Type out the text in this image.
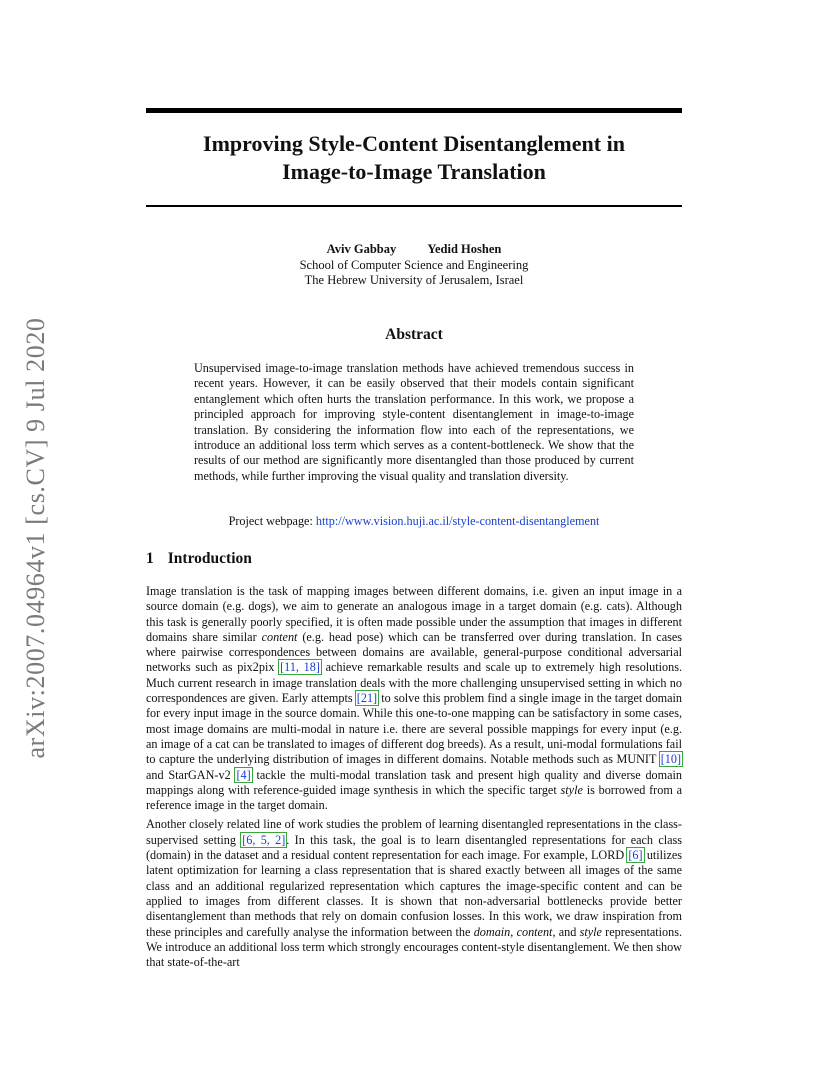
arXiv:2007.04964v1 [cs.CV] 9 Jul 2020
Improving Style-Content Disentanglement in
Image-to-Image Translation
Aviv Gabbay Yedid Hoshen
School of Computer Science and Engineering
The Hebrew University of Jerusalem, Israel
Abstract
Unsupervised image-to-image translation methods have achieved tremendous success in recent years. However, it can be easily observed that their models contain significant entanglement which often hurts the translation performance. In this work, we propose a principled approach for improving style-content disentanglement in image-to-image translation. By considering the information flow into each of the representations, we introduce an additional loss term which serves as a content-bottleneck. We show that the results of our method are significantly more disentangled than those produced by current methods, while further improving the visual quality and translation diversity.
Project webpage: http://www.vision.huji.ac.il/style-content-disentanglement
1 Introduction

Image translation is the task of mapping images between different domains, i.e. given an input image in a source domain (e.g. dogs), we aim to generate an analogous image in a target domain (e.g. cats). Although this task is generally poorly specified, it is often made possible under the assumption that images in different domains share similar content (e.g. head pose) which can be transferred over during translation. In cases where pairwise correspondences between domains are available, general-purpose conditional adversarial networks such as pix2pix [11, 18] achieve remarkable results and scale up to extremely high resolutions. Much current research in image translation deals with the more challenging unsupervised setting in which no correspondences are given. Early attempts [21] to solve this problem find a single image in the target domain for every input image in the source domain. While this one-to-one mapping can be satisfactory in some cases, most image domains are multi-modal in nature i.e. there are several possible mappings for every input (e.g. an image of a cat can be translated to images of different dog breeds). As a result, uni-modal formulations fail to capture the underlying distribution of images in different domains. Notable methods such as MUNIT [10] and StarGAN-v2 [4] tackle the multi-modal translation task and present high quality and diverse domain mappings along with reference-guided image synthesis in which the specific target style is borrowed from a reference image in the target domain.

Another closely related line of work studies the problem of learning disentangled representations in the class-supervised setting [6, 5, 2]. In this task, the goal is to learn disentangled representations for each class (domain) in the dataset and a residual content representation for each image. For example, LORD [6] utilizes latent optimization for learning a class representation that is shared exactly between all images of the same class and an additional regularized representation which captures the image-specific content and can be applied to images from different classes. It is shown that non-adversarial bottlenecks provide better disentanglement than methods that rely on domain confusion losses. In this work, we draw inspiration from these principles and carefully analyse the information between the domain, content, and style representations. We introduce an additional loss term which strongly encourages content-style disentanglement. We then show that state-of-the-art
